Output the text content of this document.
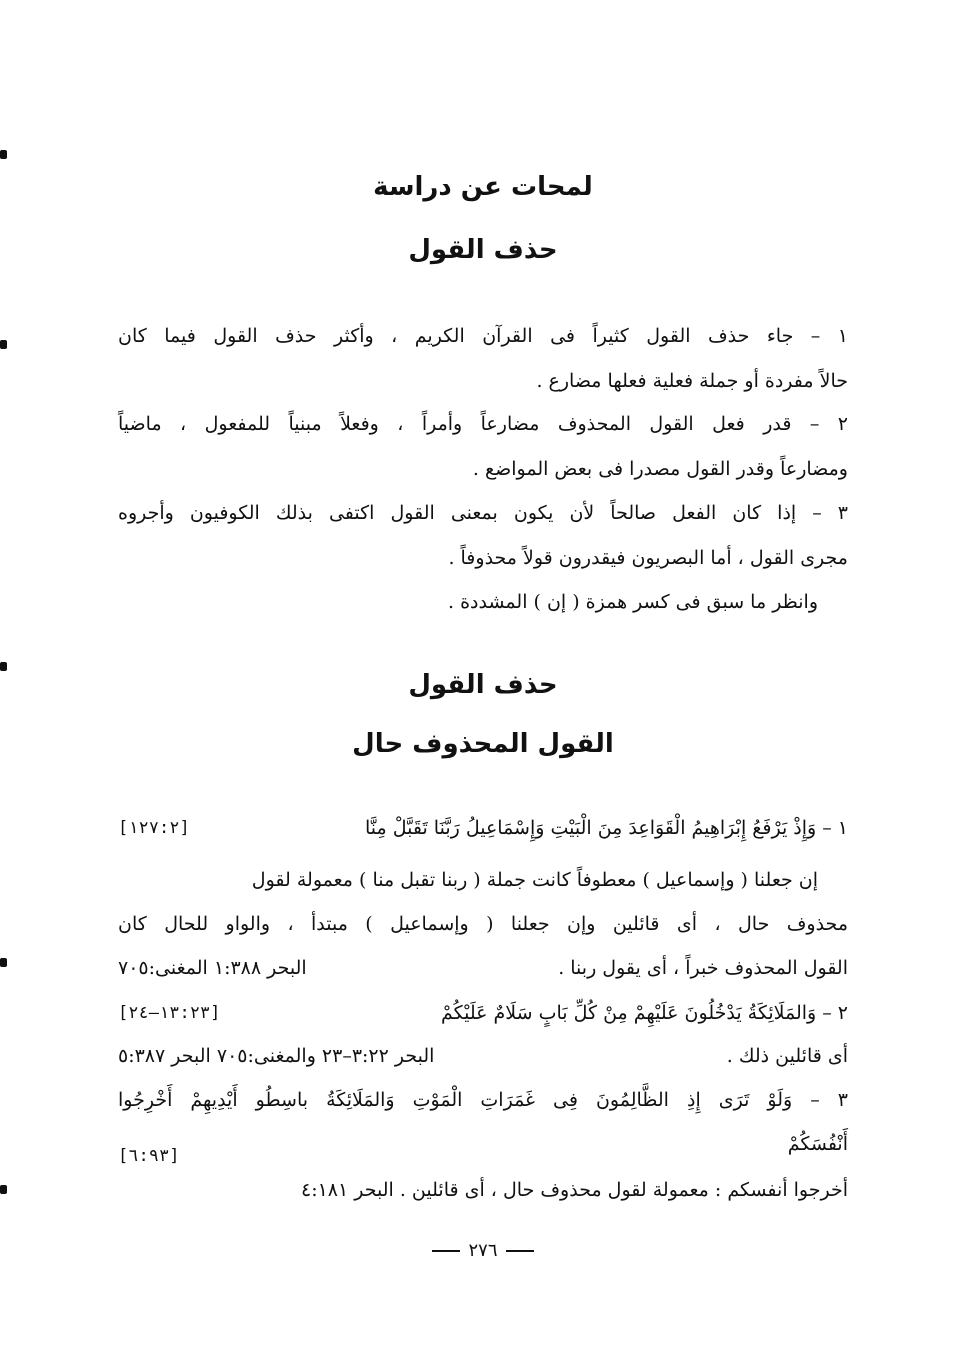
لمحات عن دراسة
حذف القول
١ – جاء حذف القول كثيراً فى القرآن الكريم ، وأكثر حذف القول فيما كان
حالاً مفردة أو جملة فعلية فعلها مضارع .
٢ – قدر فعل القول المحذوف مضارعاً وأمراً ، وفعلاً مبنياً للمفعول ، ماضياً
ومضارعاً وقدر القول مصدرا فى بعض المواضع .
٣ – إذا كان الفعل صالحاً لأن يكون بمعنى القول اكتفى بذلك الكوفيون وأجروه
مجرى القول ، أما البصريون فيقدرون قولاً محذوفاً .
وانظر ما سبق فى كسر همزة ( إن ) المشددة .
حذف القول
القول المحذوف حال
١ – وَإِذْ يَرْفَعُ إِبْرَاهِيمُ الْقَوَاعِدَ مِنَ الْبَيْتِ وَإِسْمَاعِيلُ رَبَّنَا تَقَبَّلْ مِنَّا
[١٢٧:٢]
إن جعلنا ( وإسماعيل ) معطوفاً كانت جملة ( ربنا تقبل منا ) معمولة لقول
محذوف حال ، أى قائلين وإن جعلنا ( وإسماعيل ) مبتدأ ، والواو للحال كان
القول المحذوف خبراً ، أى يقول ربنا .
البحر ١:٣٨٨ المغنى:٧٠٥
٢ – وَالمَلَائِكَةُ يَدْخُلُونَ عَلَيْهِمْ مِنْ كُلِّ بَابٍ سَلَامٌ عَلَيْكُمْ
[١٣:٢٣–٢٤]
أى قائلين ذلك .
البحر ٣:٢٢–٢٣ والمغنى:٧٠٥ البحر ٥:٣٨٧
٣ – وَلَوْ تَرَى إِذِ الظَّالِمُونَ فِى غَمَرَاتِ الْمَوْتِ وَالمَلَائِكَةُ باسِطُو أَيْدِيهِمْ أَخْرِجُوا
أَنْفُسَكُمْ
[٦:٩٣]
أخرجوا أنفسكم : معمولة لقول محذوف حال ، أى قائلين . البحر ٤:١٨١
٢٧٦
